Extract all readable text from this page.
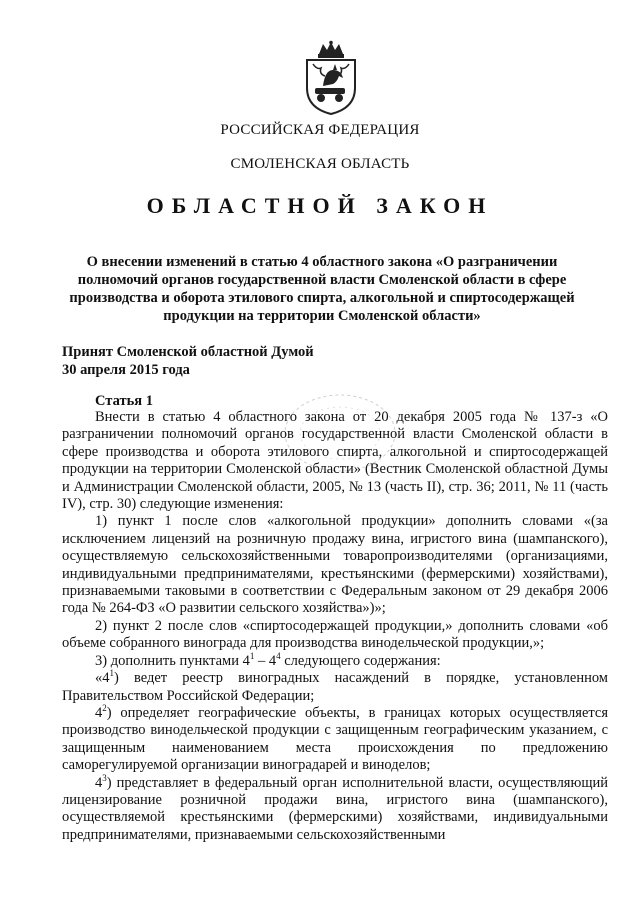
РОССИЙСКАЯ ФЕДЕРАЦИЯ
СМОЛЕНСКАЯ ОБЛАСТЬ
ОБЛАСТНОЙ ЗАКОН
О внесении изменений в статью 4 областного закона «О разграничении полномочий органов государственной власти Смоленской области в сфере производства и оборота этилового спирта, алкогольной и спиртосодержащей продукции на территории Смоленской области»
Принят Смоленской областной Думой
30 апреля 2015 года
Статья 1

Внести в статью 4 областного закона от 20 декабря 2005 года № 137-з «О разграничении полномочий органов государственной власти Смоленской области в сфере производства и оборота этилового спирта, алкогольной и спиртосодержащей продукции на территории Смоленской области» (Вестник Смоленской областной Думы и Администрации Смоленской области, 2005, № 13 (часть II), стр. 36; 2011, № 11 (часть IV), стр. 30) следующие изменения:

1) пункт 1 после слов «алкогольной продукции» дополнить словами «(за исключением лицензий на розничную продажу вина, игристого вина (шампанского), осуществляемую сельскохозяйственными товаропроизводителями (организациями, индивидуальными предпринимателями, крестьянскими (фермерскими) хозяйствами), признаваемыми таковыми в соответствии с Федеральным законом от 29 декабря 2006 года № 264-ФЗ «О развитии сельского хозяйства»)»;

2) пункт 2 после слов «спиртосодержащей продукции,» дополнить словами «об объеме собранного винограда для производства винодельческой продукции,»;

3) дополнить пунктами $4^1 - 4^4$ следующего содержания:

«$4^1$) ведет реестр виноградных насаждений в порядке, установленном Правительством Российской Федерации;

$4^2$) определяет географические объекты, в границах которых осуществляется производство винодельческой продукции с защищенным географическим указанием, с защищенным наименованием места происхождения по предложению саморегулируемой организации виноградарей и виноделов;

$4^3$) представляет в федеральный орган исполнительной власти, осуществляющий лицензирование розничной продажи вина, игристого вина (шампанского), осуществляемой крестьянскими (фермерскими) хозяйствами, индивидуальными предпринимателями, признаваемыми сельскохозяйственными
